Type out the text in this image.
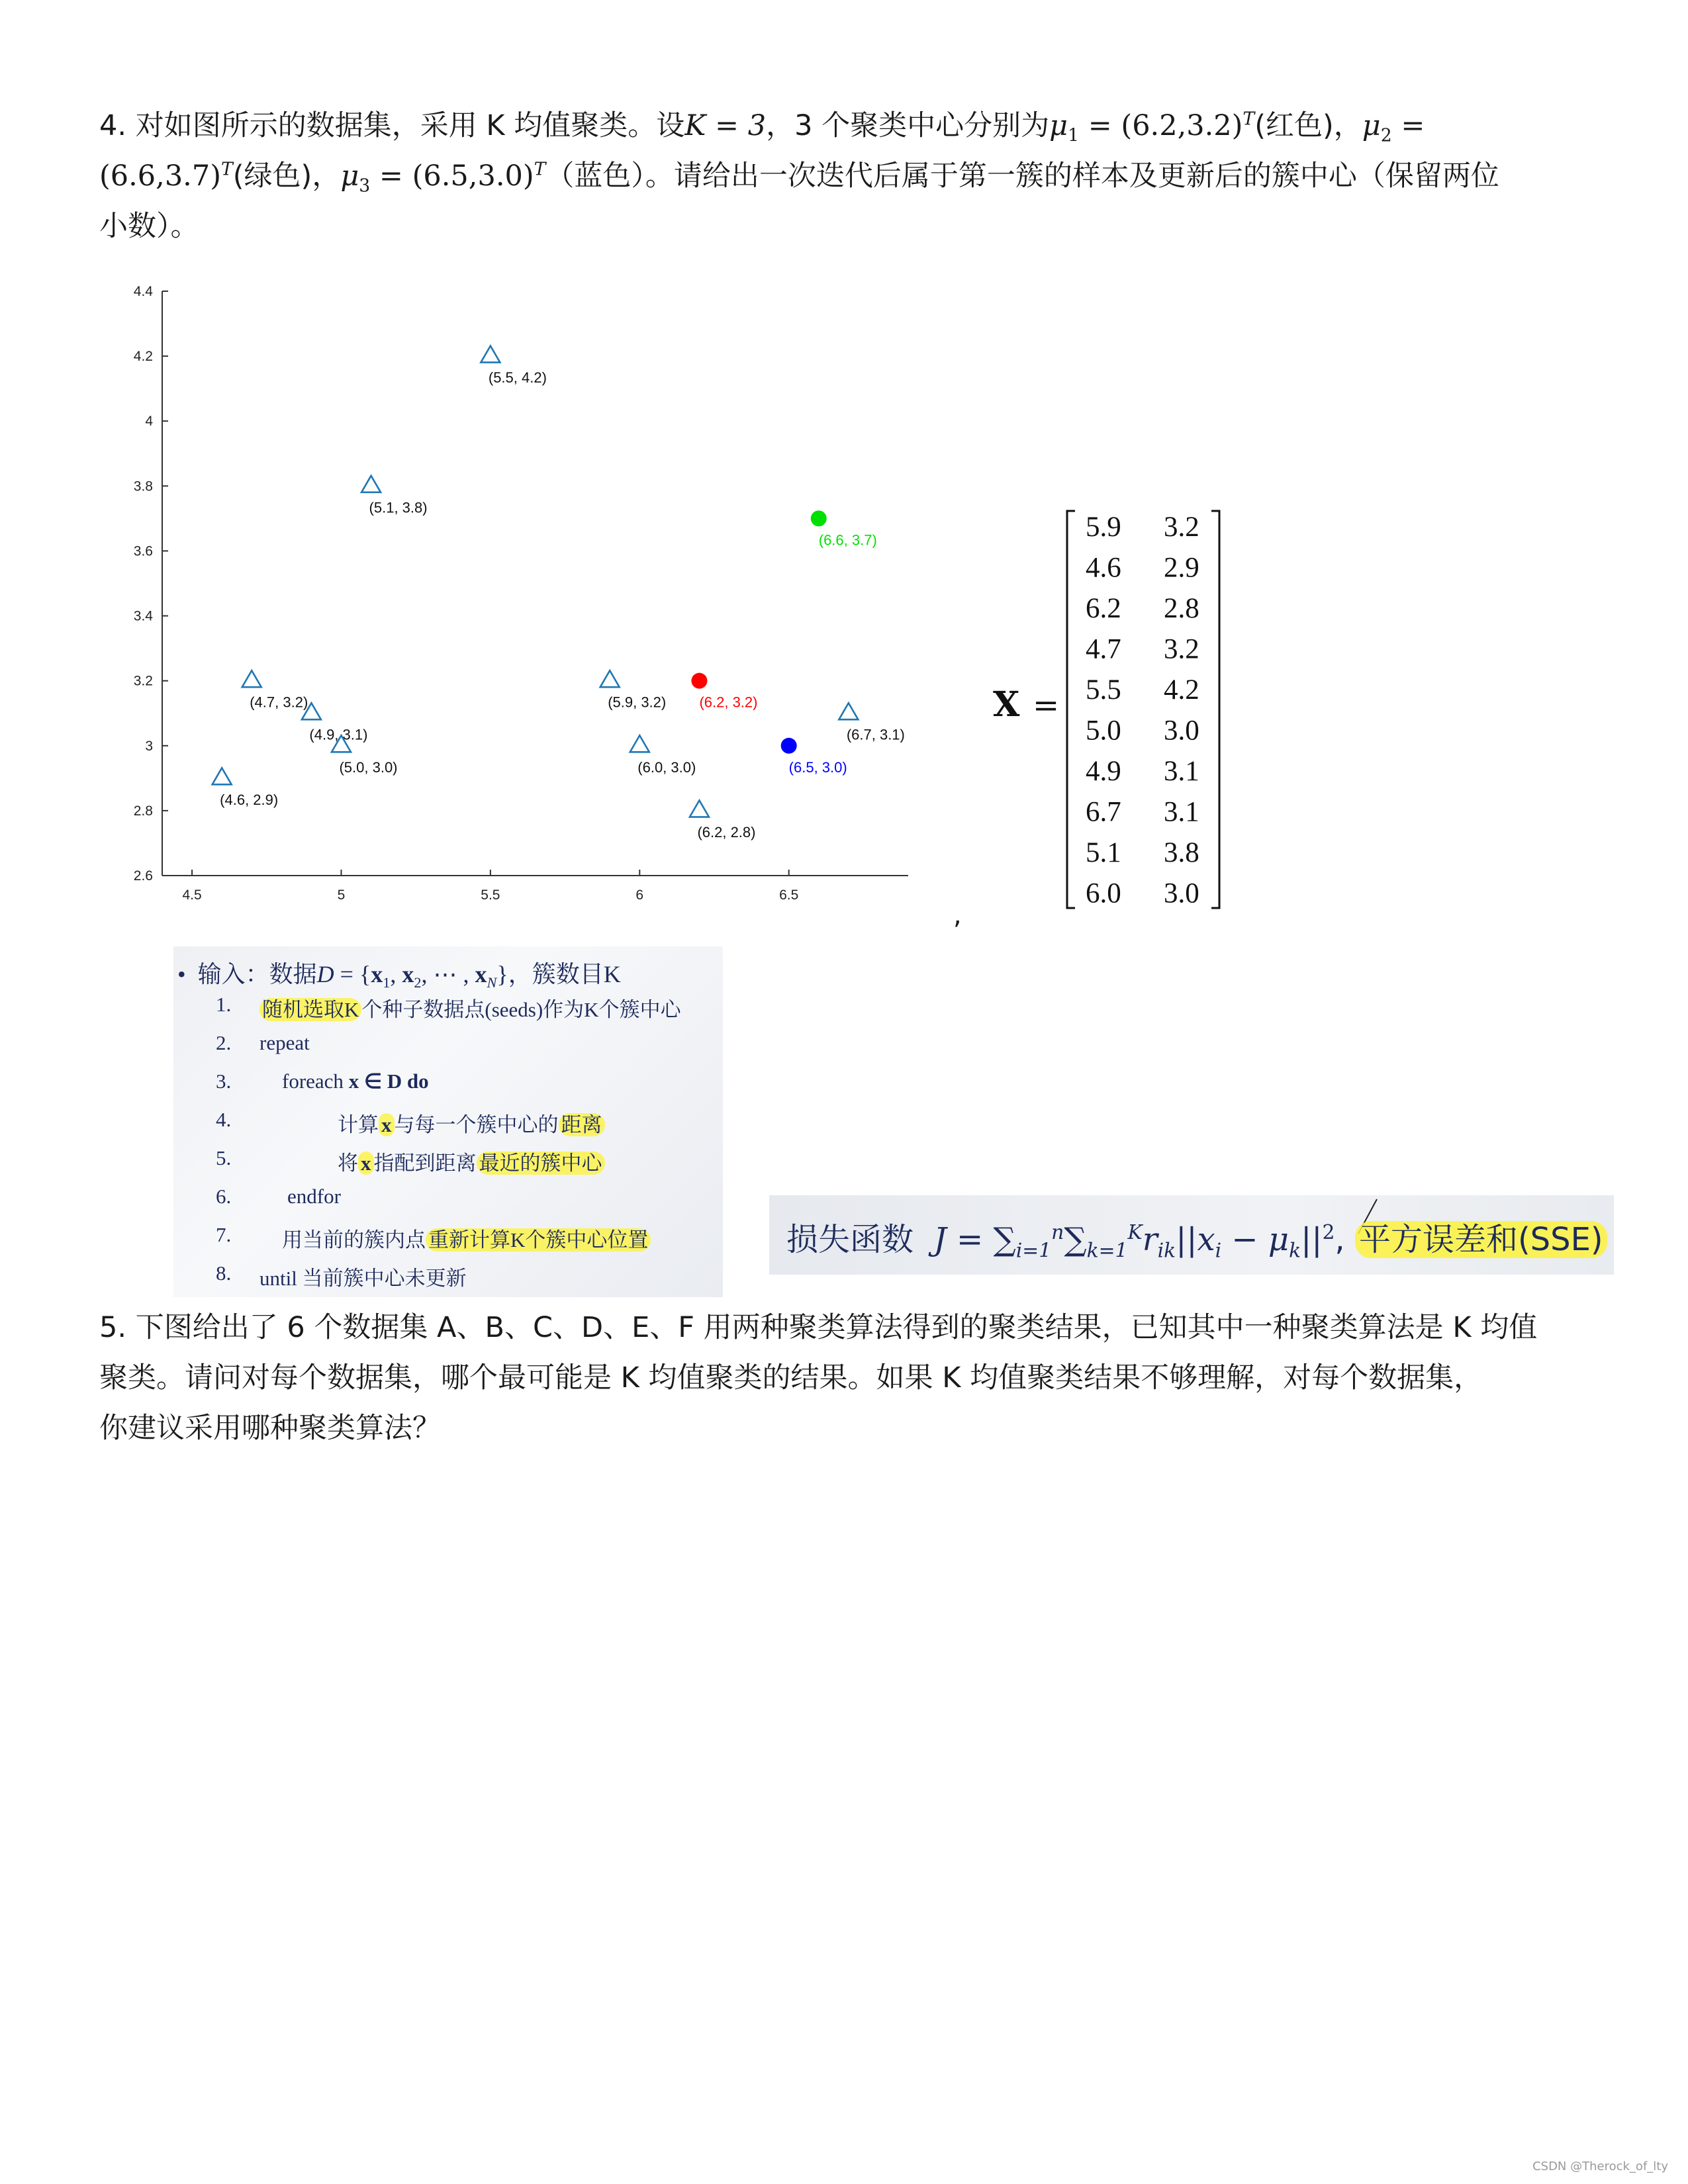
4. 对如图所示的数据集，采用 K 均值聚类。设K = 3，3 个聚类中心分别为$\mu_1 = (6.2,3.2)^T$(红色)，$\mu_2$ =
$(6.6,3.7)^T$(绿色)，$\mu_3 = (6.5,3.0)^T$（蓝色）。请给出一次迭代后属于第一簇的样本及更新后的簇中心（保留两位
小数）。
2.6
2.8
3
3.2
3.4
3.6
3.8
4
4.2
4.4
4.5	5	5.5	6	6.5
(5.5, 4.2)
(5.1, 3.8)
(4.7, 3.2)
(4.9, 3.1)
(5.0, 3.0)
(4.6, 2.9)
(5.9, 3.2)
(6.0, 3.0)
(6.2, 2.8)
(6.7, 3.1)
(6.2, 3.2)
(6.6, 3.7)
(6.5, 3.0)
,
X =
5.9 3.2
4.6 2.9
6.2 2.8
4.7 3.2
5.5 4.2
5.0 3.0
4.9 3.1
6.7 3.1
5.1 3.8
6.0 3.0
• 输入：数据$D = \{x_1$, $x_2$, ⋯ , $x_N$}，簇数目K
1. 随机选取K 个种子数据点(seeds)作为K个簇中心
2. repeat
3. foreach x ∈ D do
4.	计算 x 与每一个簇中心的 距离
5.	将 x 指配到距离 最近的簇中心
6.	endfor
7. 用当前的簇内点 重新计算K个簇中心位置
8. until 当前簇中心未更新
损失函数 $J = \sum_{i=1}^n\sum_{k=1}^Kr_{ik}||x_i - \mu_k||^2$, 平方误差和(SSE)
5. 下图给出了 6 个数据集 A、B、C、D、E、F 用两种聚类算法得到的聚类结果，已知其中一种聚类算法是 K 均值
聚类。请问对每个数据集，哪个最可能是 K 均值聚类的结果。如果 K 均值聚类结果不够理解，对每个数据集，
你建议采用哪种聚类算法？
CSDN @Therock_of_lty
